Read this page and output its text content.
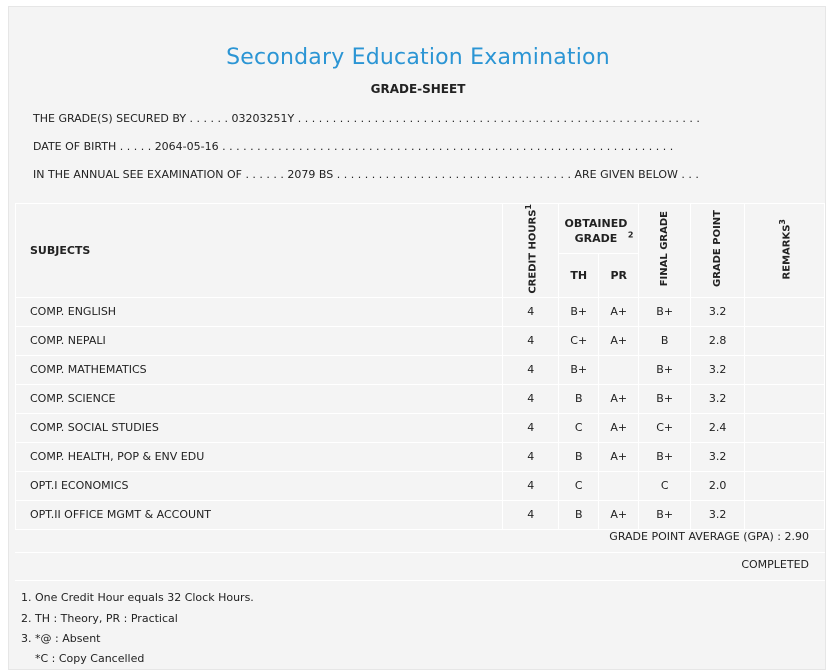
Secondary Education Examination
GRADE-SHEET
THE GRADE(S) SECURED BY . . . . . . 03203251Y . . . . . . . . . . . . . . . . . . . . . . . . . . . . . . . . . . . . . . . . . . . . . . . . . . . . . . . . . .
DATE OF BIRTH . . . . . 2064-05-16 . . . . . . . . . . . . . . . . . . . . . . . . . . . . . . . . . . . . . . . . . . . . . . . . . . . . . . . . . . . . . . . . .
IN THE ANNUAL SEE EXAMINATION OF . . . . . . 2079 BS . . . . . . . . . . . . . . . . . . . . . . . . . . . . . . . . . . ARE GIVEN BELOW . . .
SUBJECTS	CREDIT HOURS$^1$	OBTAINED GRADE $^2$		FINAL GRADE	GRADE POINT	REMARKS$^3$
		TH	PR			
COMP. ENGLISH	4	B+	A+	B+	3.2	
COMP. NEPALI	4	C+	A+	B	2.8	
COMP. MATHEMATICS	4	B+		B+	3.2	
COMP. SCIENCE	4	B	A+	B+	3.2	
COMP. SOCIAL STUDIES	4	C	A+	C+	2.4	
COMP. HEALTH, POP & ENV EDU	4	B	A+	B+	3.2	
OPT.I ECONOMICS	4	C		C	2.0	
OPT.II OFFICE MGMT & ACCOUNT	4	B	A+	B+	3.2	
GRADE POINT AVERAGE (GPA) : 2.90
COMPLETED
1. One Credit Hour equals 32 Clock Hours.
2. TH : Theory, PR : Practical
3. *@ : Absent
*C : Copy Cancelled
